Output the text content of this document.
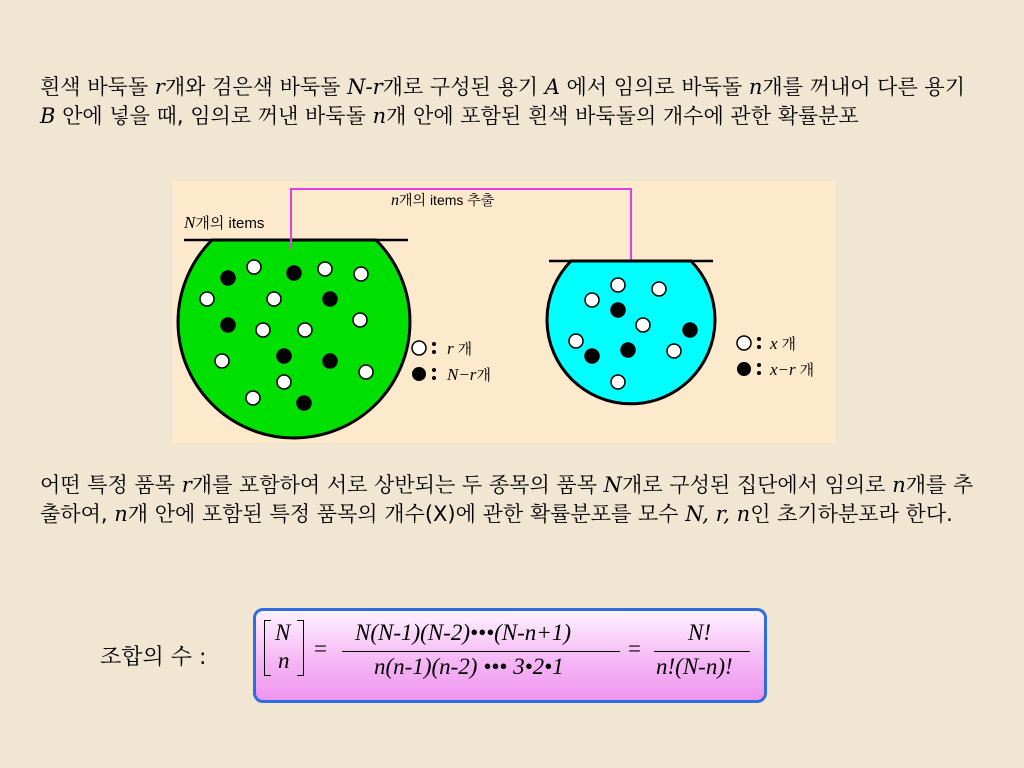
흰색 바둑돌 r개와 검은색 바둑돌 N-r개로 구성된 용기 A 에서 임의로 바둑돌 n개를 꺼내어 다른 용기 B 안에 넣을 때, 임의로 꺼낸 바둑돌 n개 안에 포함된 흰색 바둑돌의 개수에 관한 확률분포
N개의 items
n개의 items 추출
r 개
N−r개
x 개
x−r 개
어떤 특정 품목 r개를 포함하여 서로 상반되는 두 종목의 품목 N개로 구성된 집단에서 임의로 n개를 추출하여, n개 안에 포함된 특정 품목의 개수(X)에 관한 확률분포를 모수 N, r, n인 초기하분포라 한다.
조합의 수 :
N
n =
N(N-1)(N-2)•••(N-n+1)
n(n-1)(n-2) ••• 3•2•1
=
N!
n!(N-n)!
